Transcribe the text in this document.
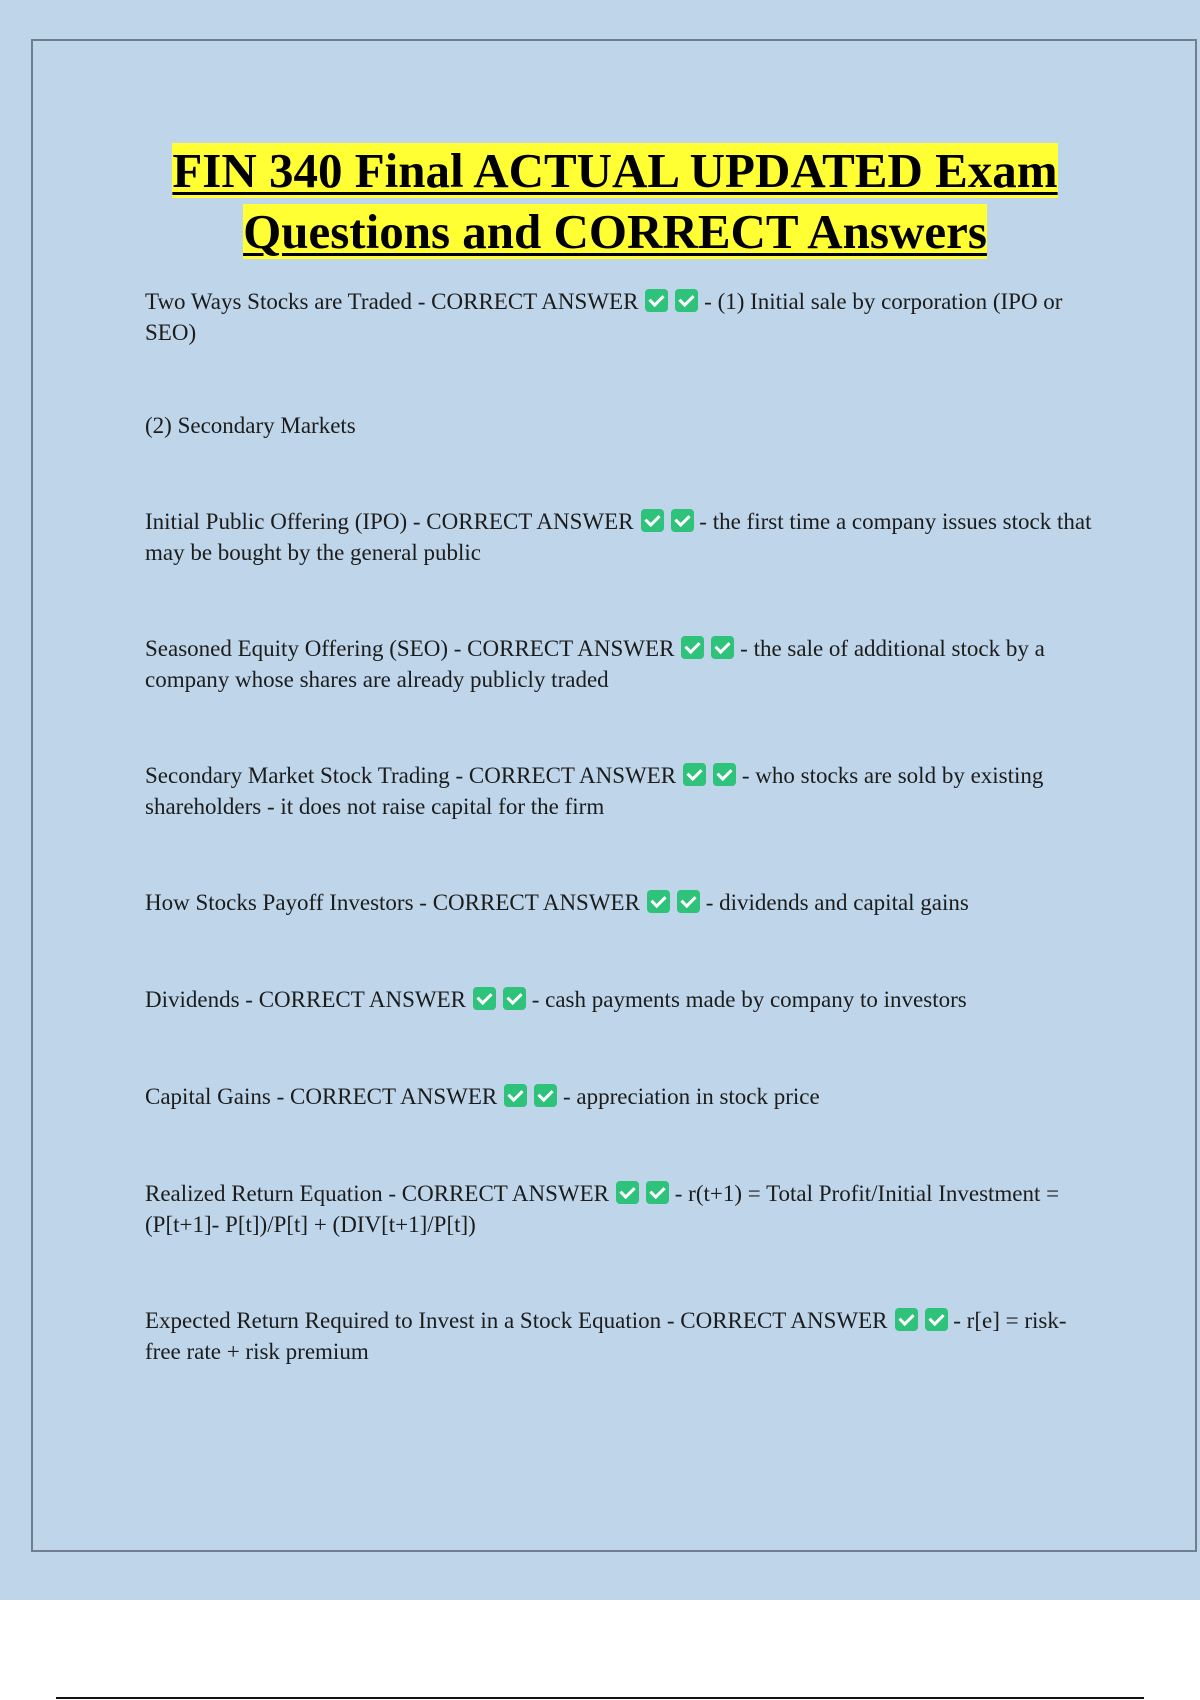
FIN 340 Final ACTUAL UPDATED Exam
Questions and CORRECT Answers
Two Ways Stocks are Traded - CORRECT ANSWER	- (1) Initial sale by corporation (IPO or SEO)
(2) Secondary Markets
Initial Public Offering (IPO) - CORRECT ANSWER	- the first time a company issues stock that may be bought by the general public
Seasoned Equity Offering (SEO) - CORRECT ANSWER	- the sale of additional stock by a company whose shares are already publicly traded
Secondary Market Stock Trading - CORRECT ANSWER	- who stocks are sold by existing shareholders - it does not raise capital for the firm
How Stocks Payoff Investors - CORRECT ANSWER	- dividends and capital gains
Dividends - CORRECT ANSWER	- cash payments made by company to investors
Capital Gains - CORRECT ANSWER	- appreciation in stock price
Realized Return Equation - CORRECT ANSWER	- r(t+1) = Total Profit/Initial Investment = (P[t+1]- P[t])/P[t] + (DIV[t+1]/P[t])
Expected Return Required to Invest in a Stock Equation - CORRECT ANSWER	- r[e] = risk-free rate + risk premium
